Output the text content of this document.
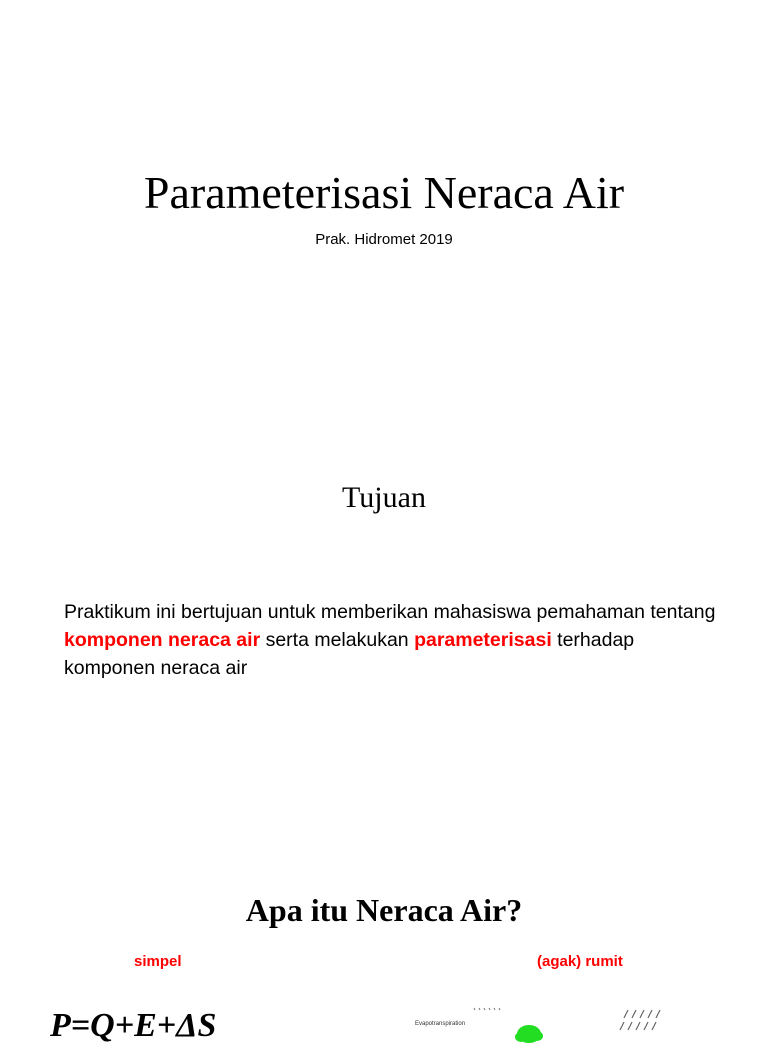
Parameterisasi Neraca Air
Prak. Hidromet 2019
Tujuan

Praktikum ini bertujuan untuk memberikan mahasiswa pemahaman tentang komponen neraca air serta melakukan parameterisasi terhadap komponen neraca air

Apa itu Neraca Air?
simpel	(agak) rumit
P=Q+E+ΔS	Evapotranspiration
